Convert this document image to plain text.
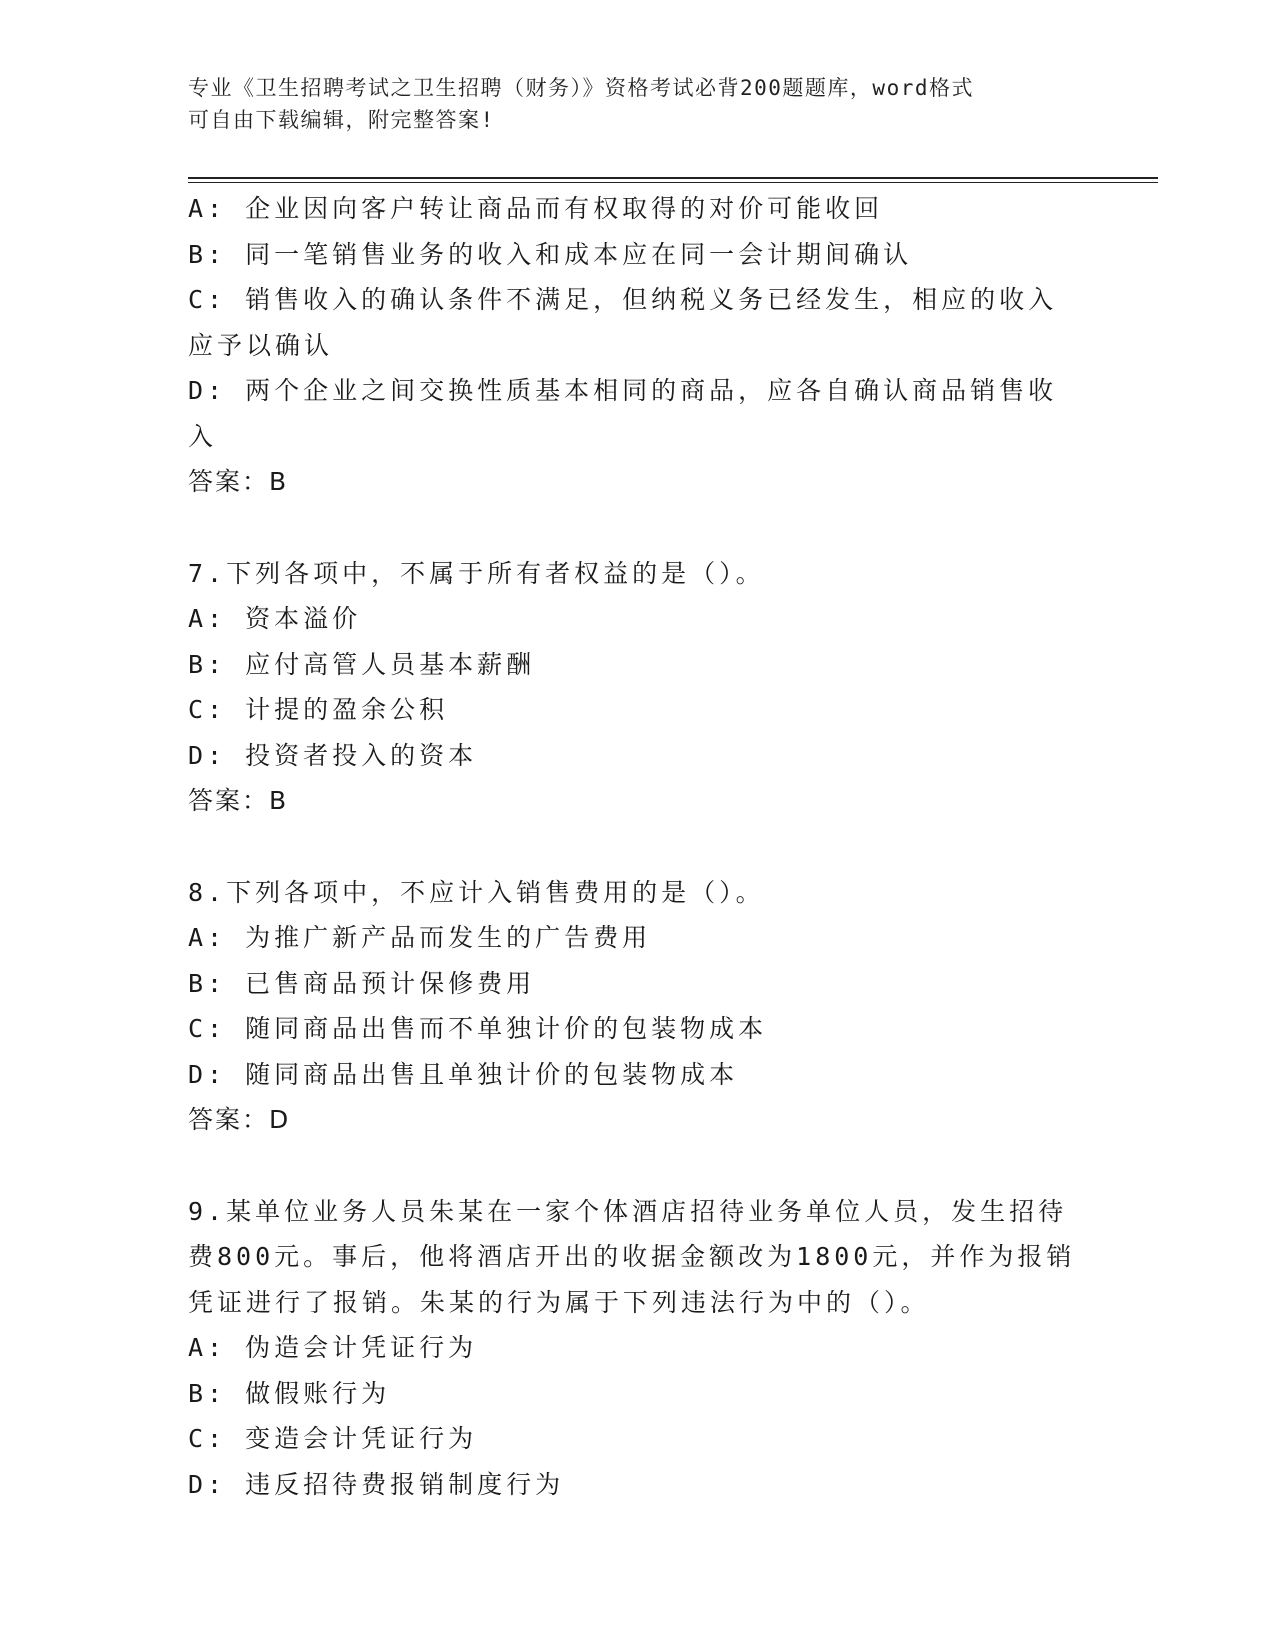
专业《卫生招聘考试之卫生招聘（财务）》资格考试必背200题题库，word格式
可自由下载编辑，附完整答案!

A: 企业因向客户转让商品而有权取得的对价可能收回

B: 同一笔销售业务的收入和成本应在同一会计期间确认

C: 销售收入的确认条件不满足，但纳税义务已经发生，相应的收入应予以确认

D: 两个企业之间交换性质基本相同的商品，应各自确认商品销售收入

答案：B

7.下列各项中，不属于所有者权益的是（）。

A: 资本溢价

B: 应付高管人员基本薪酬

C: 计提的盈余公积

D: 投资者投入的资本

答案：B

8.下列各项中，不应计入销售费用的是（）。

A: 为推广新产品而发生的广告费用

B: 已售商品预计保修费用

C: 随同商品出售而不单独计价的包装物成本

D: 随同商品出售且单独计价的包装物成本

答案：D

9.某单位业务人员朱某在一家个体酒店招待业务单位人员，发生招待费800元。事后，他将酒店开出的收据金额改为1800元，并作为报销凭证进行了报销。朱某的行为属于下列违法行为中的（）。

A: 伪造会计凭证行为

B: 做假账行为

C: 变造会计凭证行为

D: 违反招待费报销制度行为
